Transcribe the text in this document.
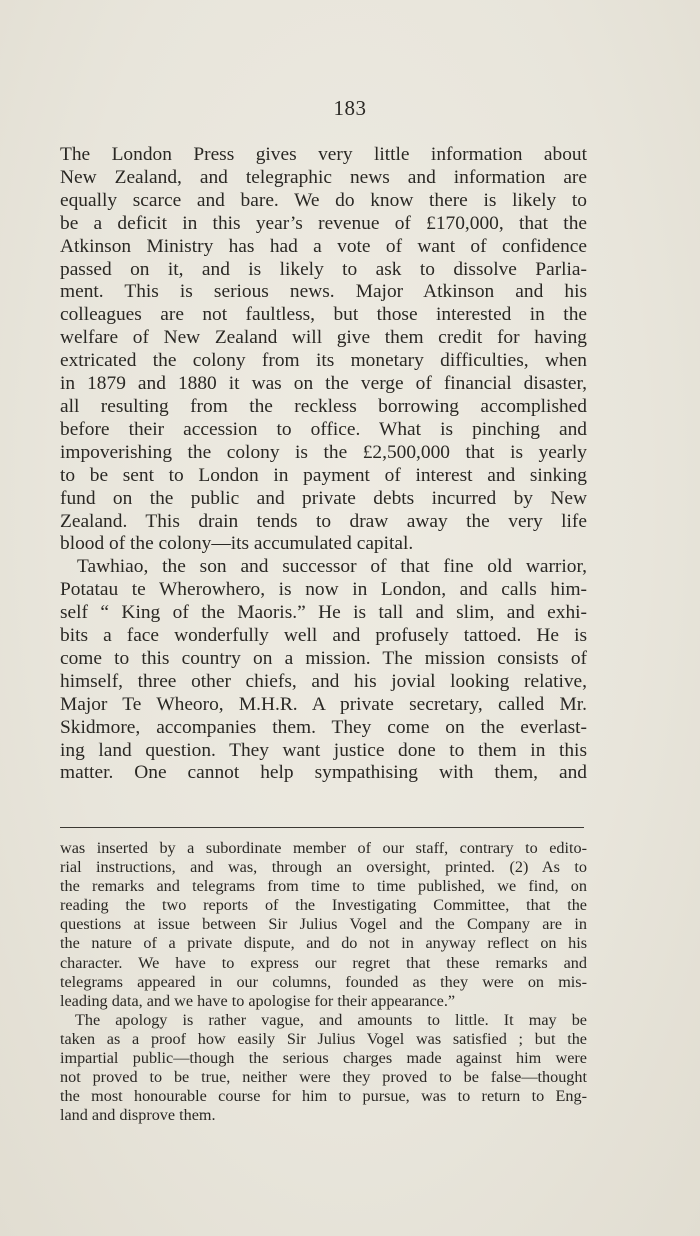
183
The London Press gives very little information about
New Zealand, and telegraphic news and information are
equally scarce and bare. We do know there is likely to
be a deficit in this year’s revenue of £170,000, that the
Atkinson Ministry has had a vote of want of confidence
passed on it, and is likely to ask to dissolve Parlia-
ment. This is serious news. Major Atkinson and his
colleagues are not faultless, but those interested in the
welfare of New Zealand will give them credit for having
extricated the colony from its monetary difficulties, when
in 1879 and 1880 it was on the verge of financial disaster,
all resulting from the reckless borrowing accomplished
before their accession to office. What is pinching and
impoverishing the colony is the £2,500,000 that is yearly
to be sent to London in payment of interest and sinking
fund on the public and private debts incurred by New
Zealand. This drain tends to draw away the very life
blood of the colony—its accumulated capital.
Tawhiao, the son and successor of that fine old warrior,
Potatau te Wherowhero, is now in London, and calls him-
self “ King of the Maoris.” He is tall and slim, and exhi-
bits a face wonderfully well and profusely tattoed. He is
come to this country on a mission. The mission consists of
himself, three other chiefs, and his jovial looking relative,
Major Te Wheoro, M.H.R. A private secretary, called Mr.
Skidmore, accompanies them. They come on the everlast-
ing land question. They want justice done to them in this
matter. One cannot help sympathising with them, and
was inserted by a subordinate member of our staff, contrary to edito-
rial instructions, and was, through an oversight, printed. (2) As to
the remarks and telegrams from time to time published, we find, on
reading the two reports of the Investigating Committee, that the
questions at issue between Sir Julius Vogel and the Company are in
the nature of a private dispute, and do not in anyway reflect on his
character. We have to express our regret that these remarks and
telegrams appeared in our columns, founded as they were on mis-
leading data, and we have to apologise for their appearance.”
The apology is rather vague, and amounts to little. It may be
taken as a proof how easily Sir Julius Vogel was satisfied ; but the
impartial public—though the serious charges made against him were
not proved to be true, neither were they proved to be false—thought
the most honourable course for him to pursue, was to return to Eng-
land and disprove them.
